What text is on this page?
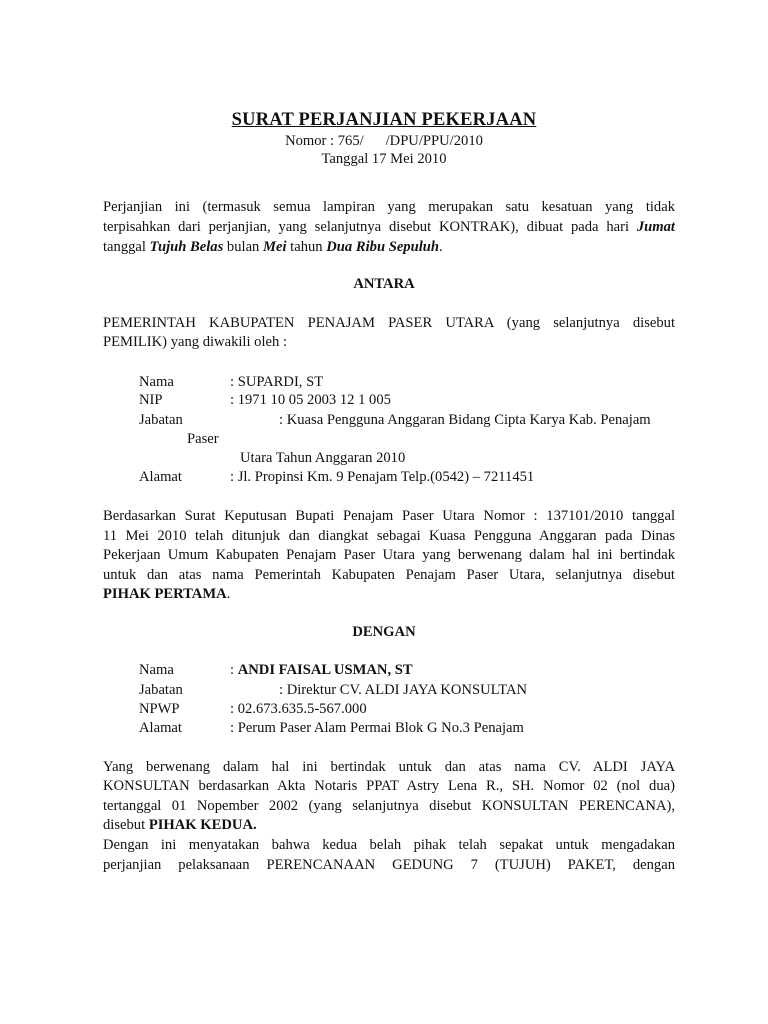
SURAT PERJANJIAN PEKERJAAN
Nomor : 765/      /DPU/PPU/2010
Tanggal 17 Mei 2010
Perjanjian ini (termasuk semua lampiran yang merupakan satu kesatuan yang tidak
terpisahkan dari perjanjian, yang selanjutnya disebut KONTRAK), dibuat pada hari Jumat
tanggal Tujuh Belas bulan Mei tahun Dua Ribu Sepuluh.
ANTARA
PEMERINTAH KABUPATEN PENAJAM PASER UTARA (yang selanjutnya disebut
PEMILIK) yang diwakili oleh :
Nama	: SUPARDI, ST
NIP	: 1971 10 05 2003 12 1 005
Jabatan	: Kuasa Pengguna Anggaran Bidang Cipta Karya Kab. Penajam
Paser
Utara Tahun Anggaran 2010
Alamat	: Jl. Propinsi Km. 9 Penajam Telp.(0542) – 7211451
Berdasarkan Surat Keputusan Bupati Penajam Paser Utara Nomor : 137101/2010 tanggal
11 Mei 2010 telah ditunjuk dan diangkat sebagai Kuasa Pengguna Anggaran pada Dinas
Pekerjaan Umum Kabupaten Penajam Paser Utara yang berwenang dalam hal ini bertindak
untuk dan atas nama Pemerintah Kabupaten Penajam Paser Utara, selanjutnya disebut
PIHAK PERTAMA.
DENGAN
Nama	: ANDI FAISAL USMAN, ST
Jabatan	: Direktur CV. ALDI JAYA KONSULTAN
NPWP	: 02.673.635.5-567.000
Alamat	: Perum Paser Alam Permai Blok G No.3 Penajam
Yang berwenang dalam hal ini bertindak untuk dan atas nama CV. ALDI JAYA
KONSULTAN berdasarkan Akta Notaris PPAT Astry Lena R., SH. Nomor 02 (nol dua)
tertanggal 01 Nopember 2002 (yang selanjutnya disebut KONSULTAN PERENCANA),
disebut PIHAK KEDUA.
Dengan ini menyatakan bahwa kedua belah pihak telah sepakat untuk mengadakan
perjanjian pelaksanaan PERENCANAAN GEDUNG 7 (TUJUH) PAKET, dengan
